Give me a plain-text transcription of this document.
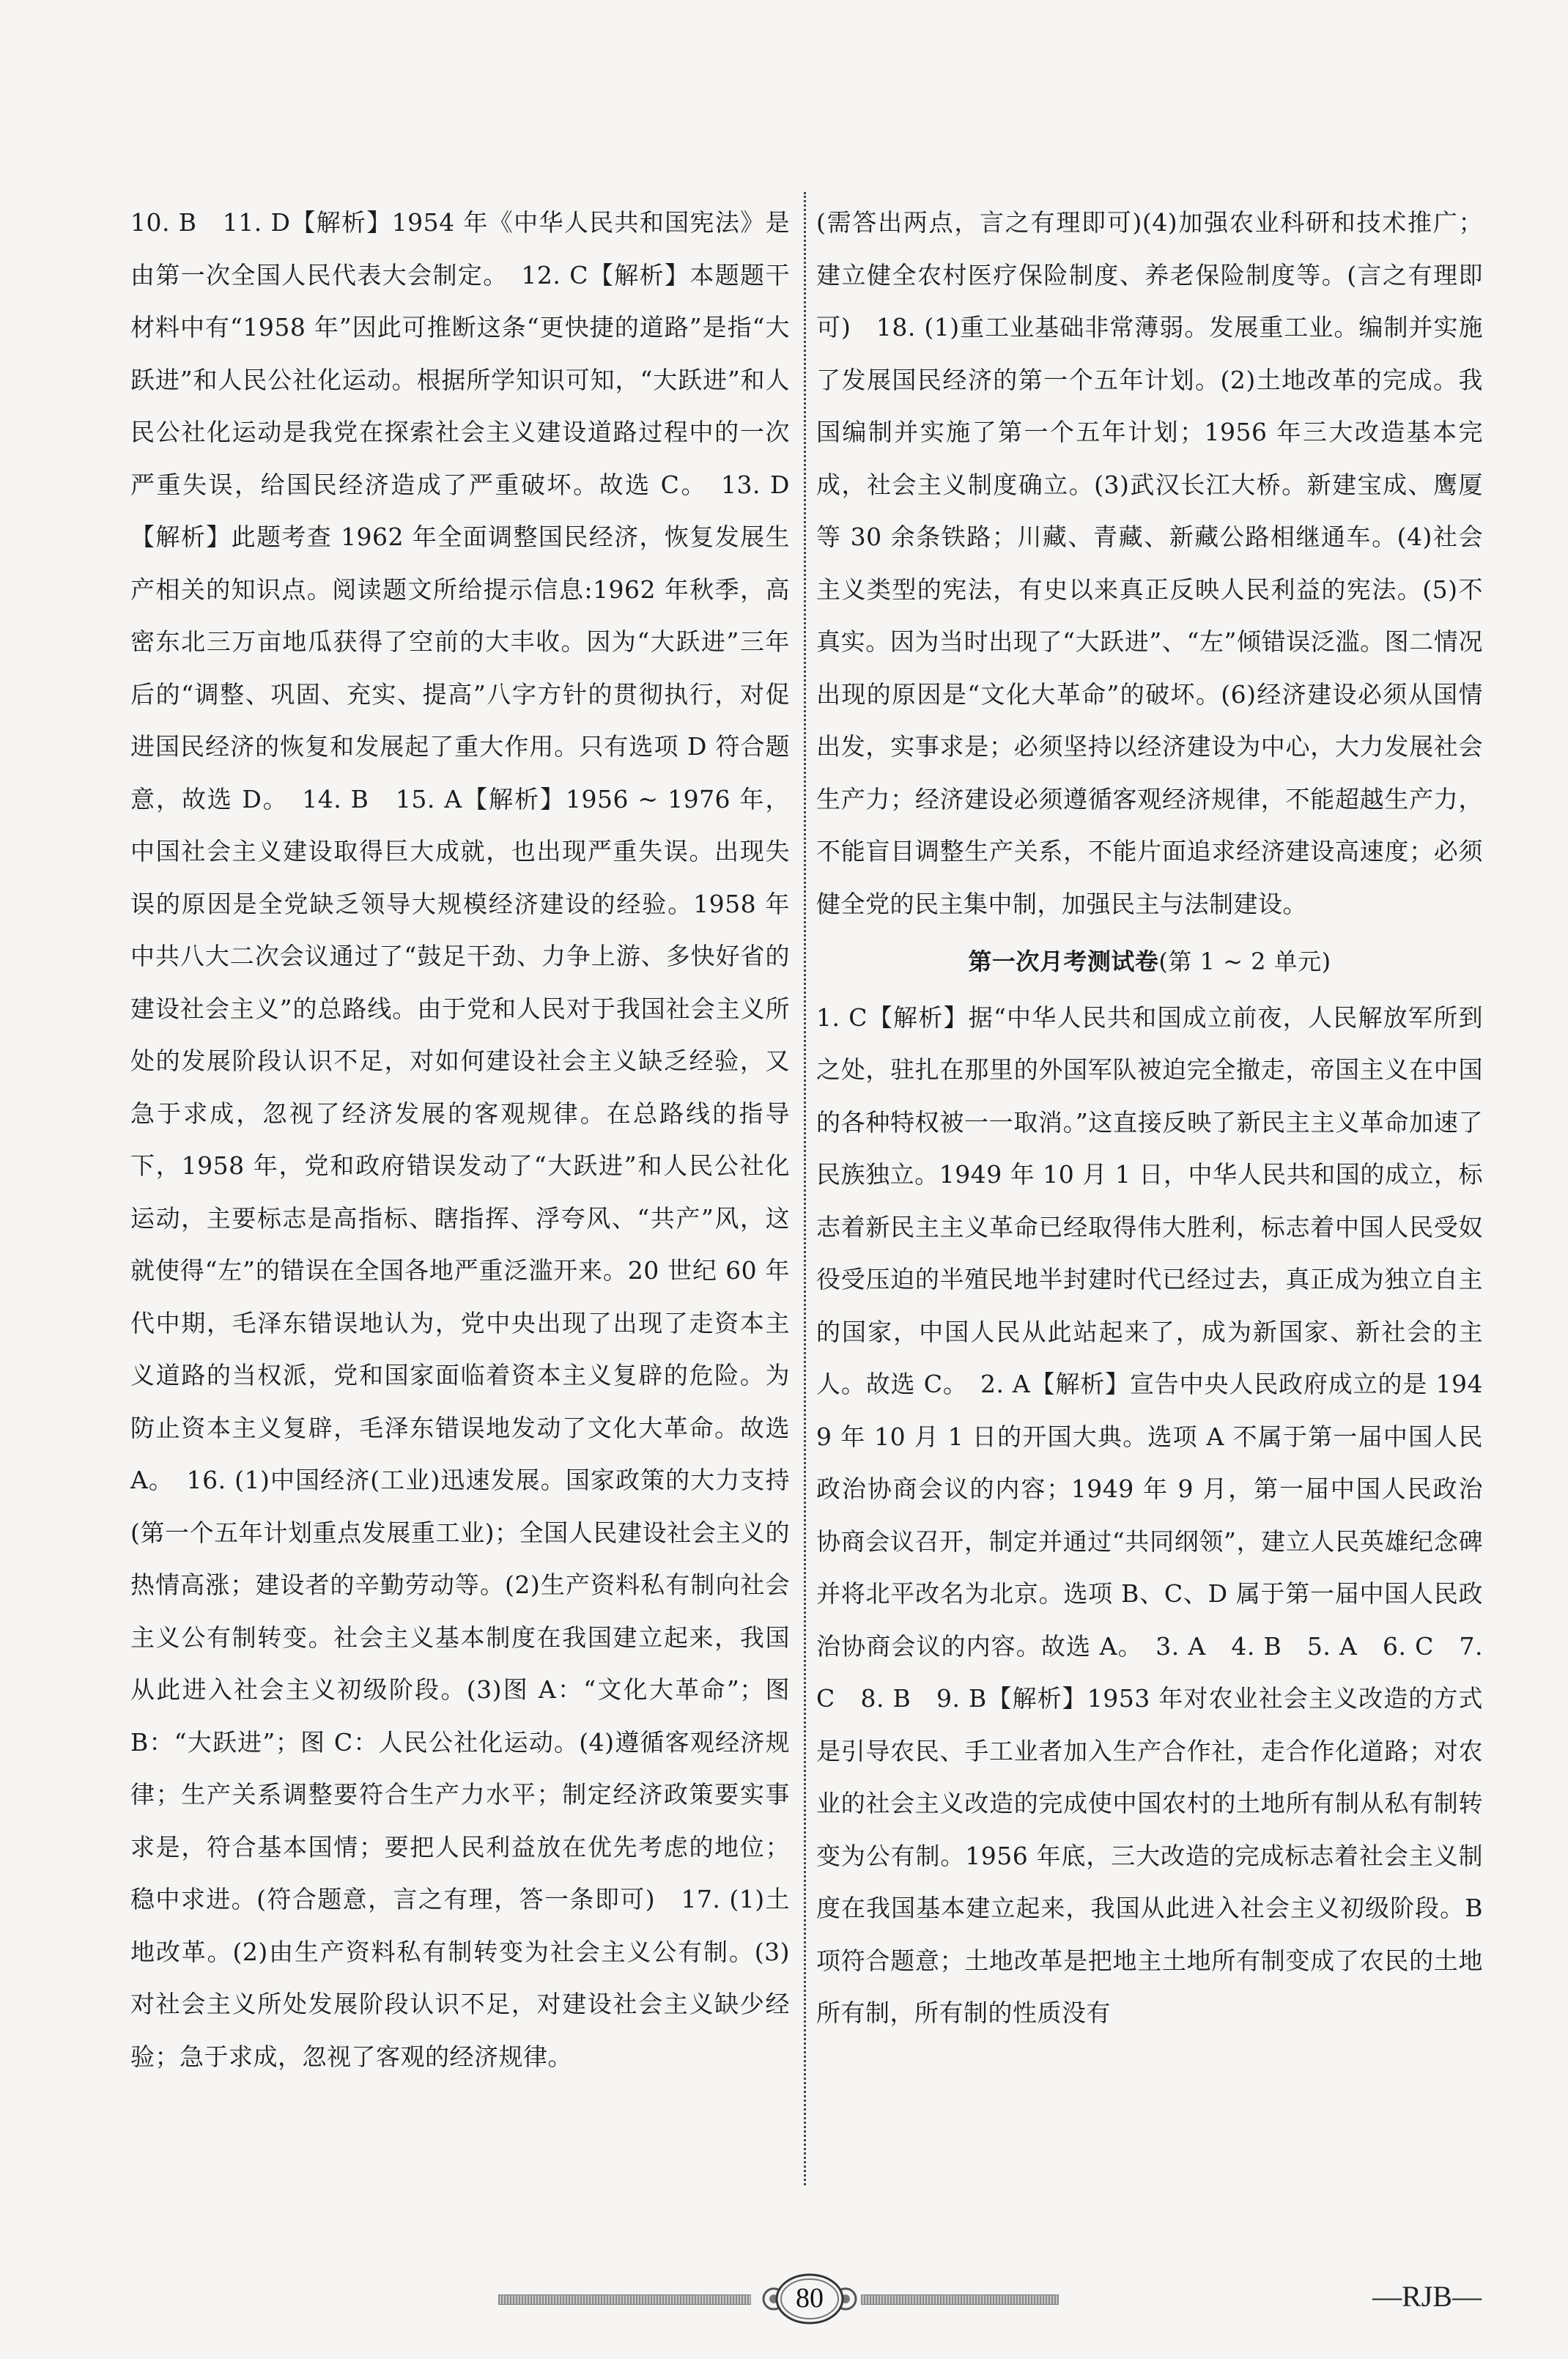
10. B　11. D【解析】1954 年《中华人民共和国宪法》是由第一次全国人民代表大会制定。　12. C【解析】本题题干材料中有“1958 年”因此可推断这条“更快捷的道路”是指“大跃进”和人民公社化运动。根据所学知识可知，“大跃进”和人民公社化运动是我党在探索社会主义建设道路过程中的一次严重失误，给国民经济造成了严重破坏。故选 C。　13. D【解析】此题考查 1962 年全面调整国民经济，恢复发展生产相关的知识点。阅读题文所给提示信息:1962 年秋季，高密东北三万亩地瓜获得了空前的大丰收。因为“大跃进”三年后的“调整、巩固、充实、提高”八字方针的贯彻执行，对促进国民经济的恢复和发展起了重大作用。只有选项 D 符合题意，故选 D。　14. B　15. A【解析】1956 ~ 1976 年，中国社会主义建设取得巨大成就，也出现严重失误。出现失误的原因是全党缺乏领导大规模经济建设的经验。1958 年中共八大二次会议通过了“鼓足干劲、力争上游、多快好省的建设社会主义”的总路线。由于党和人民对于我国社会主义所处的发展阶段认识不足，对如何建设社会主义缺乏经验，又急于求成，忽视了经济发展的客观规律。在总路线的指导下，1958 年，党和政府错误发动了“大跃进”和人民公社化运动，主要标志是高指标、瞎指挥、浮夸风、“共产”风，这就使得“左”的错误在全国各地严重泛滥开来。20 世纪 60 年代中期，毛泽东错误地认为，党中央出现了出现了走资本主义道路的当权派，党和国家面临着资本主义复辟的危险。为防止资本主义复辟，毛泽东错误地发动了文化大革命。故选 A。　16. (1)中国经济(工业)迅速发展。国家政策的大力支持(第一个五年计划重点发展重工业)；全国人民建设社会主义的热情高涨；建设者的辛勤劳动等。(2)生产资料私有制向社会主义公有制转变。社会主义基本制度在我国建立起来，我国从此进入社会主义初级阶段。(3)图 A：“文化大革命”；图 B：“大跃进”；图 C：人民公社化运动。(4)遵循客观经济规律；生产关系调整要符合生产力水平；制定经济政策要实事求是，符合基本国情；要把人民利益放在优先考虑的地位；稳中求进。(符合题意，言之有理，答一条即可)　17. (1)土地改革。(2)由生产资料私有制转变为社会主义公有制。(3)对社会主义所处发展阶段认识不足，对建设社会主义缺少经验；急于求成，忽视了客观的经济规律。

(需答出两点，言之有理即可)(4)加强农业科研和技术推广；建立健全农村医疗保险制度、养老保险制度等。(言之有理即可)　18. (1)重工业基础非常薄弱。发展重工业。编制并实施了发展国民经济的第一个五年计划。(2)土地改革的完成。我国编制并实施了第一个五年计划；1956 年三大改造基本完成，社会主义制度确立。(3)武汉长江大桥。新建宝成、鹰厦等 30 余条铁路；川藏、青藏、新藏公路相继通车。(4)社会主义类型的宪法，有史以来真正反映人民利益的宪法。(5)不真实。因为当时出现了“大跃进”、“左”倾错误泛滥。图二情况出现的原因是“文化大革命”的破坏。(6)经济建设必须从国情出发，实事求是；必须坚持以经济建设为中心，大力发展社会生产力；经济建设必须遵循客观经济规律，不能超越生产力，不能盲目调整生产关系，不能片面追求经济建设高速度；必须健全党的民主集中制，加强民主与法制建设。

第一次月考测试卷(第 1 ~ 2 单元)

1. C【解析】据“中华人民共和国成立前夜，人民解放军所到之处，驻扎在那里的外国军队被迫完全撤走，帝国主义在中国的各种特权被一一取消。”这直接反映了新民主主义革命加速了民族独立。1949 年 10 月 1 日，中华人民共和国的成立，标志着新民主主义革命已经取得伟大胜利，标志着中国人民受奴役受压迫的半殖民地半封建时代已经过去，真正成为独立自主的国家，中国人民从此站起来了，成为新国家、新社会的主人。故选 C。　2. A【解析】宣告中央人民政府成立的是 1949 年 10 月 1 日的开国大典。选项 A 不属于第一届中国人民政治协商会议的内容；1949 年 9 月，第一届中国人民政治协商会议召开，制定并通过“共同纲领”，建立人民英雄纪念碑并将北平改名为北京。选项 B、C、D 属于第一届中国人民政治协商会议的内容。故选 A。　3. A　4. B　5. A　6. C　7. C　8. B　9. B【解析】1953 年对农业社会主义改造的方式是引导农民、手工业者加入生产合作社，走合作化道路；对农业的社会主义改造的完成使中国农村的土地所有制从私有制转变为公有制。1956 年底，三大改造的完成标志着社会主义制度在我国基本建立起来，我国从此进入社会主义初级阶段。B 项符合题意；土地改革是把地主土地所有制变成了农民的土地所有制，所有制的性质没有

80	—RJB—
